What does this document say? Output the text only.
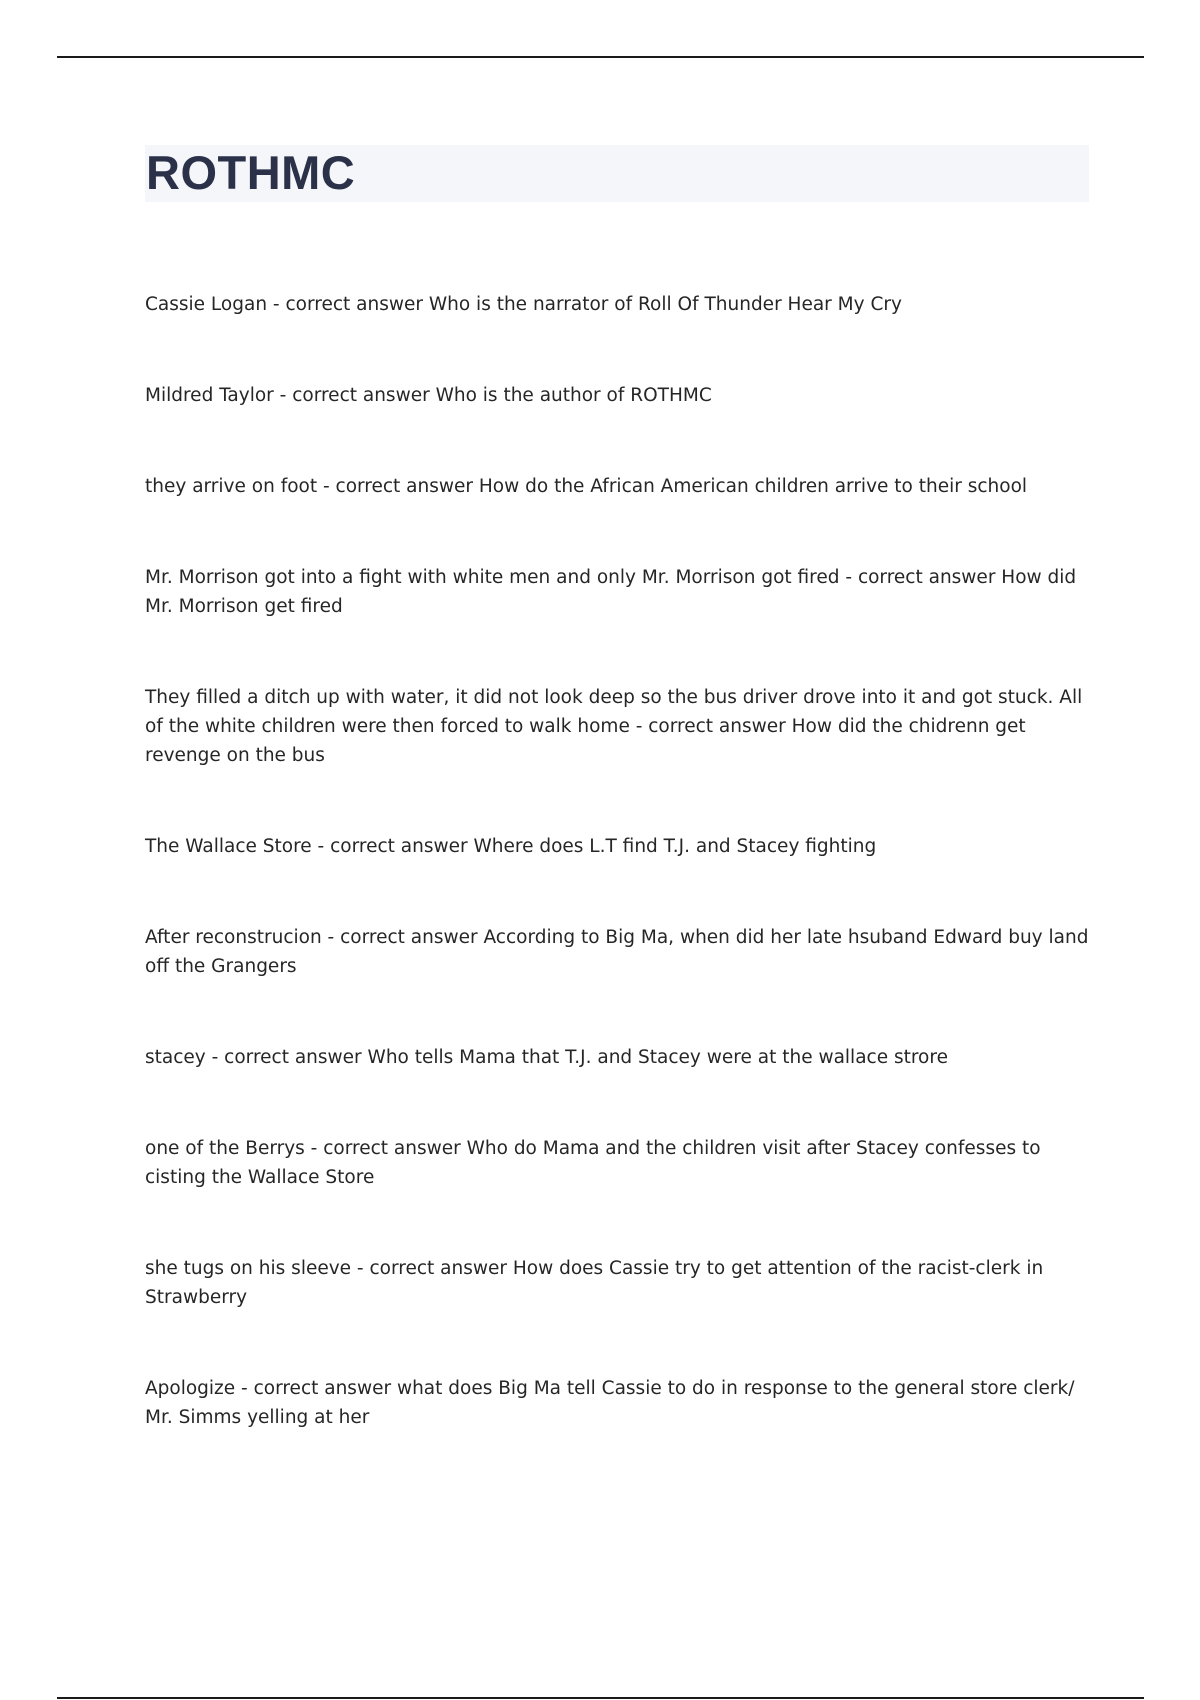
ROTHMC
Cassie Logan - correct answer Who is the narrator of Roll Of Thunder Hear My Cry
Mildred Taylor - correct answer Who is the author of ROTHMC
they arrive on foot - correct answer How do the African American children arrive to their school
Mr. Morrison got into a fight with white men and only Mr. Morrison got fired - correct answer How did Mr. Morrison get fired
They filled a ditch up with water, it did not look deep so the bus driver drove into it and got stuck. All of the white children were then forced to walk home - correct answer How did the chidrenn get revenge on the bus
The Wallace Store - correct answer Where does L.T find T.J. and Stacey fighting
After reconstrucion - correct answer According to Big Ma, when did her late hsuband Edward buy land off the Grangers
stacey - correct answer Who tells Mama that T.J. and Stacey were at the wallace strore
one of the Berrys - correct answer Who do Mama and the children visit after Stacey confesses to cisting the Wallace Store
she tugs on his sleeve - correct answer How does Cassie try to get attention of the racist-clerk in Strawberry
Apologize - correct answer what does Big Ma tell Cassie to do in response to the general store clerk/ Mr. Simms yelling at her
